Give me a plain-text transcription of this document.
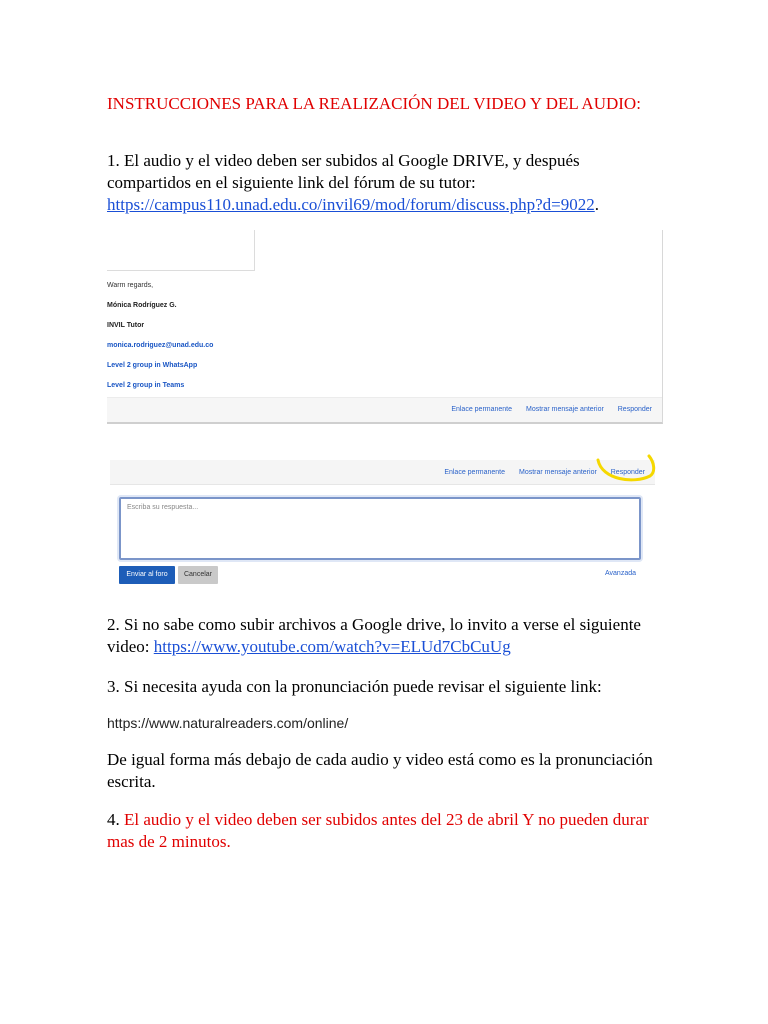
INSTRUCCIONES PARA LA REALIZACIÓN DEL VIDEO Y DEL AUDIO:
1. El audio y el video deben ser subidos al Google DRIVE, y después compartidos en el siguiente link del fórum de su tutor: https://campus110.unad.edu.co/invil69/mod/forum/discuss.php?d=9022.
Warm regards,
Mónica Rodríguez G.
INVIL Tutor
monica.rodriguez@unad.edu.co
Level 2 group in WhatsApp
Level 2 group in Teams
Enlace permanente Mostrar mensaje anterior Responder
Enlace permanente Mostrar mensaje anterior Responder
Escriba su respuesta...
Enviar al foro	Cancelar	Avanzada
2. Si no sabe como subir archivos a Google drive, lo invito a verse el siguiente video: https://www.youtube.com/watch?v=ELUd7CbCuUg
3. Si necesita ayuda con la pronunciación puede revisar el siguiente link:
https://www.naturalreaders.com/online/
De igual forma más debajo de cada audio y video está como es la pronunciación escrita.
4. El audio y el video deben ser subidos antes del 23 de abril Y no pueden durar mas de 2 minutos.
